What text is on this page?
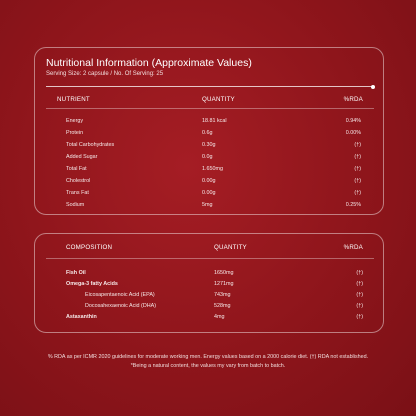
Nutritional Information (Approximate Values)
Serving Size: 2 capsule / No. Of Serving: 25
NUTRIENT	QUANTITY	%RDA
Energy	18.81 kcal	0.94%
Protein	0.6g	0.00%
Total Carbohydrates	0.30g	(†)
Added Sugar	0.0g	(†)
Total Fat	1.650mg	(†)
Cholestrol	0.00g	(†)
Trans Fat	0.00g	(†)
Sodium	5mg	0.25%
COMPOSITION	QUANTITY	%RDA
Fish Oil	1650mg	(†)
Omega-3 fatty Acids	1271mg	(†)
Eicosapentaenoic Acid (EPA)	743mg	(†)
Docosahexaenoic Acid (DHA)	528mg	(†)
Astaxanthin	4mg	(†)
% RDA as per ICMR 2020 guidelines for moderate working men. Energy values based on a 2000 calorie diet. (†) RDA not established.
*Being a natural content, the values my vary from batch to batch.
